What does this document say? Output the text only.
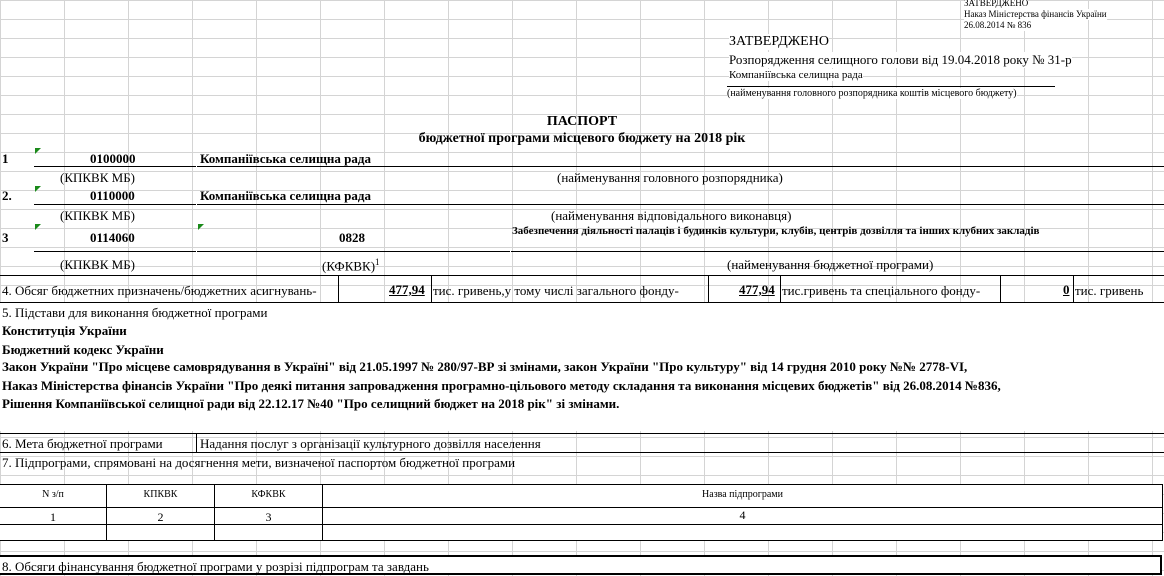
ЗАТВЕРДЖЕНО
Наказ Міністерства фінансів України
26.08.2014 № 836
ЗАТВЕРДЖЕНО
Розпорядження селищного голови від 19.04.2018 року № 31-р
Компаніївська селищна рада
(найменування головного розпорядника коштів місцевого бюджету)
ПАСПОРТ
бюджетної програми місцевого бюджету на 2018 рік
1	0100000	Компаніївська селищна рада
(КПКВК МБ)	(найменування головного розпорядника)
2.	0110000	Компаніївська селищна рада
(КПКВК МБ)	(найменування відповідального виконавця)
3	0114060	0828	Забезпечення діяльності палаців i будинків культури, клубів, центрів дозвілля та iнших клубних закладів
(КПКВК МБ)	(КФКВК)$^1$	(найменування бюджетної програми)
4. Обсяг бюджетних призначень/бюджетних асигнувань-	477,94 тис. гривень,у тому числі загального фонду-	477,94 тис.гривень та спеціального фонду-	0 тис. гривень
5. Підстави для виконання бюджетної програми
Конституція України
Бюджетний кодекс України
Закон України "Про місцеве самоврядування в Україні" від 21.05.1997 № 280/97-ВР зі змінами, закон України "Про культуру" від 14 грудня 2010 року №№ 2778-VI,
Наказ Міністерства фінансів України "Про деякі питання запровадження програмно-цільового методу складання та виконання місцевих бюджетів" від 26.08.2014 №836,
Рішення Компаніївської селищної ради від 22.12.17 №40 "Про селищний бюджет на 2018 рік" зі змінами.
6. Мета бюджетної програми	Надання послуг з організації культурного дозвілля населення
7. Підпрограми, спрямовані на досягнення мети, визначеної паспортом бюджетної програми
N з/п	КПКВК	КФКВК	Назва підпрограми
1	2	3	4
8. Обсяги фінансування бюджетної програми у розрізі підпрограм та завдань
